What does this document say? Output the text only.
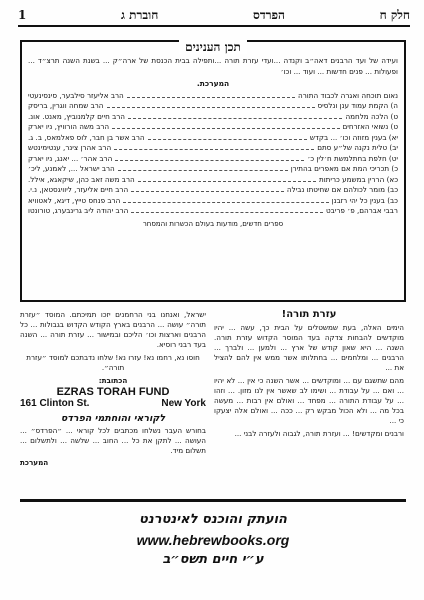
חלק ח
הפרדס
חוברת ג
1
תכן הענינים
ועידה של ועד הרבנים דאה״ב וקנדה ...ועדי עזרת תורה ...ותפילה בבית הכנסת של ארה״ק ... בשנת השנה תרצ״ד ... ופעולות ... פנים חדשות ... ועוד ... וכו׳
המערכת.
נאום תוכחה ואגרה לכבוד התורה
הרב אליעזר סילבער, סינסינעטי
ה) הקמת עמוד ענן ונלסיס
הרב שמחה ווגרין, בריסק
ט) הלכה מלחמה
הרב חיים קלמנוביץ, מאנט. אונ.
ט) נשואי האזרחים
הרב משה הורוויץ, ניו יארק
יא) בענין מזוזה וכו׳ ... בקדש
הרב אשר בן חבר, לוס פאלמאס, ב. ג.
יב) טלית נקנה של״ע סתם
הרב אהרן צינר, ענטימינטש
יט) חלפת בחתלמשת ח׳לין כ׳
הרב אהר׳ ... יאנג, ניו יארק
כ) תכריכי המת אם מאפרים בהתירן
הרב ישראל ..., לאמנע, ליכ׳
כא) הררין במשמע כריתות
הרב משה זאב כהן, שיקאגא, אילל.
כב) מומר לכולהם אם שחיטתו נבילה
הרב חיים אליעזר, ליוויגסטאן, נ.י.
כב) בענין כל יהי רזבנן
הרב פנחס טייץ, דיגא, לאטוויא
רבבי אברהם, פ׳ פריבט
הרב יהודה ליב גרינבערג, טורונטו
ספרים חדשים, מודעות בעולם הכשרות והמסחר
עזרת תורה!

הימים האלה, בעת שמשטלים על הבית כך, עשה ... יהיו מוקדשים להבחות צדקה בעד המוסר הקדוש עזרת תורה. השנה ... היא שאון קודש של ארץ ... ולמען ... ולברך ... הרבנים ... ומלחמים ... בחתלותו אשר ממש אין להם להציל את ...

מהם שתשגם עם ... ומוקדשים ... אשר השנה כי אין ... לא יהיו ... ואם ... על עבודת ... ושימו לב שאשר אין לנו מזון. ... וזהו ... על עבודת התורה ... מפחד ... ואולם אין רבות ... מעשה בכל מה ... ולא הכול מבקש רק ... ככה ... ואולם אלה יצעקו כי ...

ורבנים ומקדשים! ... ועזרת תורה, לגבוה ולעזרה לבני ...

ישראל, ואנחנו בני הרחמנים יזכו תמיכתם. המוסד ״עזרת תורה״ עושה ... הרבנים בארץ הקודש הקדוש בגבולות ... כל הרבנים וארצות וכו׳ הליכם ובמישור ... עזרת תורה ... השנה בעד רבני רוסיא.

חוסו נא, רחמו נא! עזרו נא! שלחו נדבתכם למוסד ״עזרת תורה״.

הכתובת:
EZRAS TORAH FUND
161 Clinton St.	New York
לקוראי והוחתמי הפרדס

בחורש העבר נשלחו מכתבים לכל קוראי ... ״הפרדס״ ... העושה ... לתקן את כל ... החוב ... שלשה ... ולתשלום ... תשלום מיד.

המערכת
הועתק והוכנס לאינטרנט
www.hebrewbooks.org
ע״י חיים תשס״ב
